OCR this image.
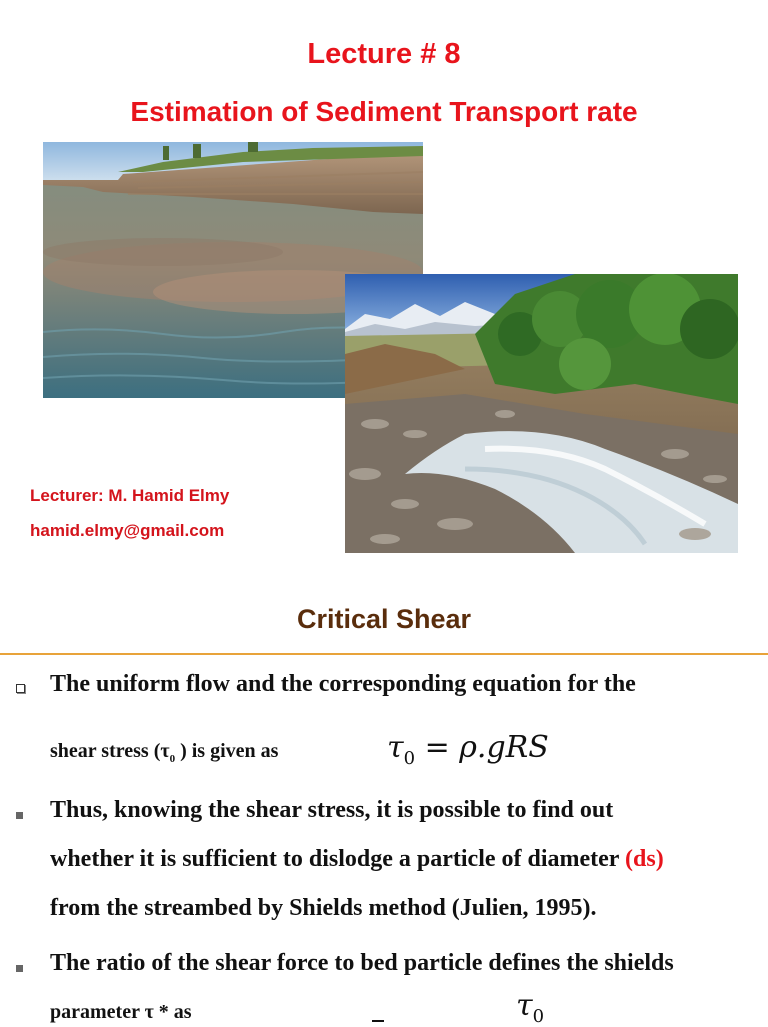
Lecture # 8
Estimation of Sediment Transport rate
Lecturer: M. Hamid Elmy
hamid.elmy@gmail.com
Critical Shear
The uniform flow and the corresponding equation for the
shear stress ($\tau_0$ ) is given as	$\tau_0 = \rho.gRS$
Thus, knowing the shear stress, it is possible to find out
whether it is sufficient to dislodge a particle of diameter (ds)
from the streambed by Shields method (Julien, 1995).
The ratio of the shear force to bed particle defines the shields
parameter τ * as	$\tau_0$
